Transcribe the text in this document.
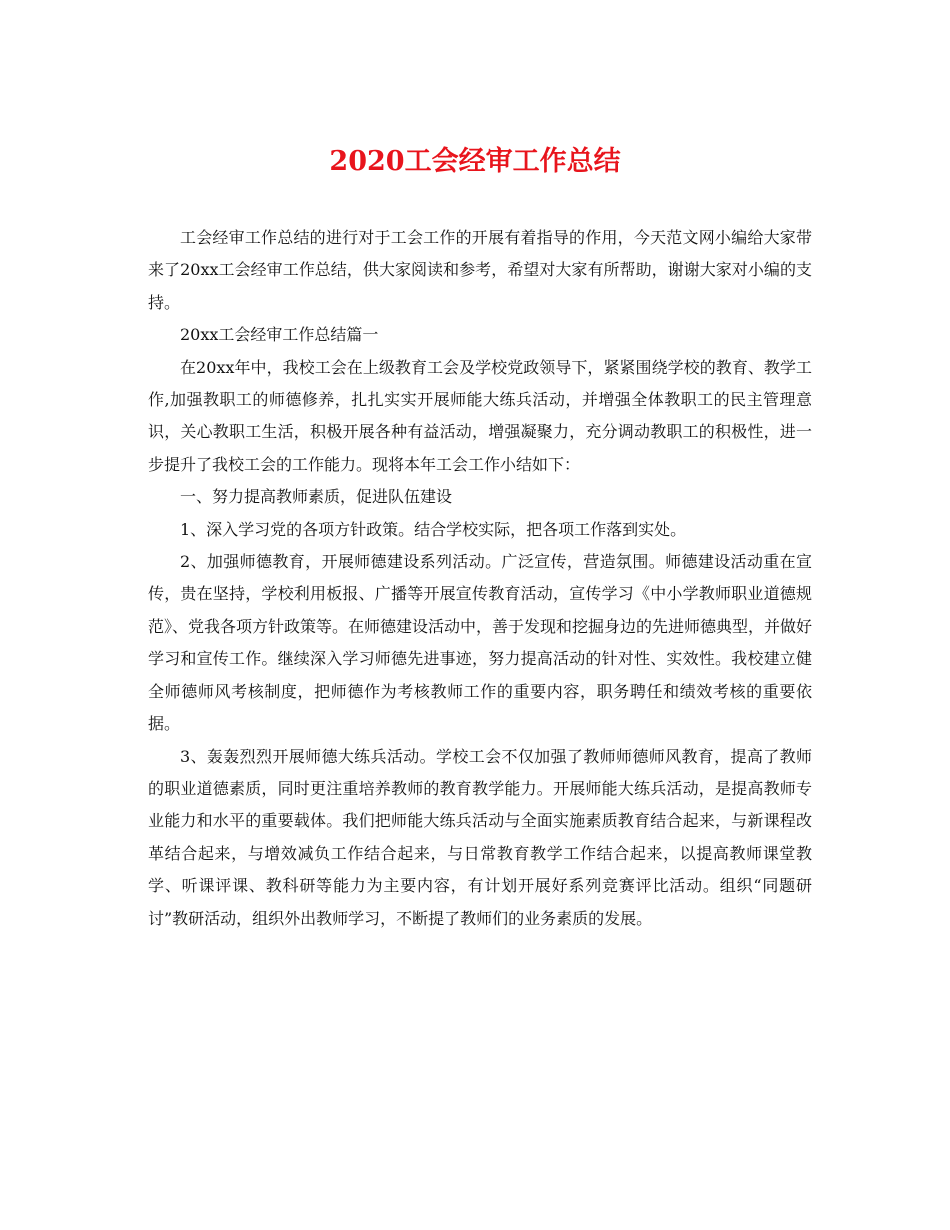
2020工会经审工作总结

工会经审工作总结的进行对于工会工作的开展有着指导的作用，今天范文网小编给大家带来了20xx工会经审工作总结，供大家阅读和参考，希望对大家有所帮助，谢谢大家对小编的支持。

20xx工会经审工作总结篇一

在20xx年中，我校工会在上级教育工会及学校党政领导下，紧紧围绕学校的教育、教学工作,加强教职工的师德修养，扎扎实实开展师能大练兵活动，并增强全体教职工的民主管理意识，关心教职工生活，积极开展各种有益活动，增强凝聚力，充分调动教职工的积极性，进一步提升了我校工会的工作能力。现将本年工会工作小结如下：

一、努力提高教师素质，促进队伍建设

1、深入学习党的各项方针政策。结合学校实际，把各项工作落到实处。

2、加强师德教育，开展师德建设系列活动。广泛宣传，营造氛围。师德建设活动重在宣传，贵在坚持，学校利用板报、广播等开展宣传教育活动，宣传学习《中小学教师职业道德规范》、党我各项方针政策等。在师德建设活动中，善于发现和挖掘身边的先进师德典型，并做好学习和宣传工作。继续深入学习师德先进事迹，努力提高活动的针对性、实效性。我校建立健全师德师风考核制度，把师德作为考核教师工作的重要内容，职务聘任和绩效考核的重要依据。

3、轰轰烈烈开展师德大练兵活动。学校工会不仅加强了教师师德师风教育，提高了教师的职业道德素质，同时更注重培养教师的教育教学能力。开展师能大练兵活动，是提高教师专业能力和水平的重要载体。我们把师能大练兵活动与全面实施素质教育结合起来，与新课程改革结合起来，与增效减负工作结合起来，与日常教育教学工作结合起来，以提高教师课堂教学、听课评课、教科研等能力为主要内容，有计划开展好系列竞赛评比活动。组织“同题研讨”教研活动，组织外出教师学习，不断提了教师们的业务素质的发展。
